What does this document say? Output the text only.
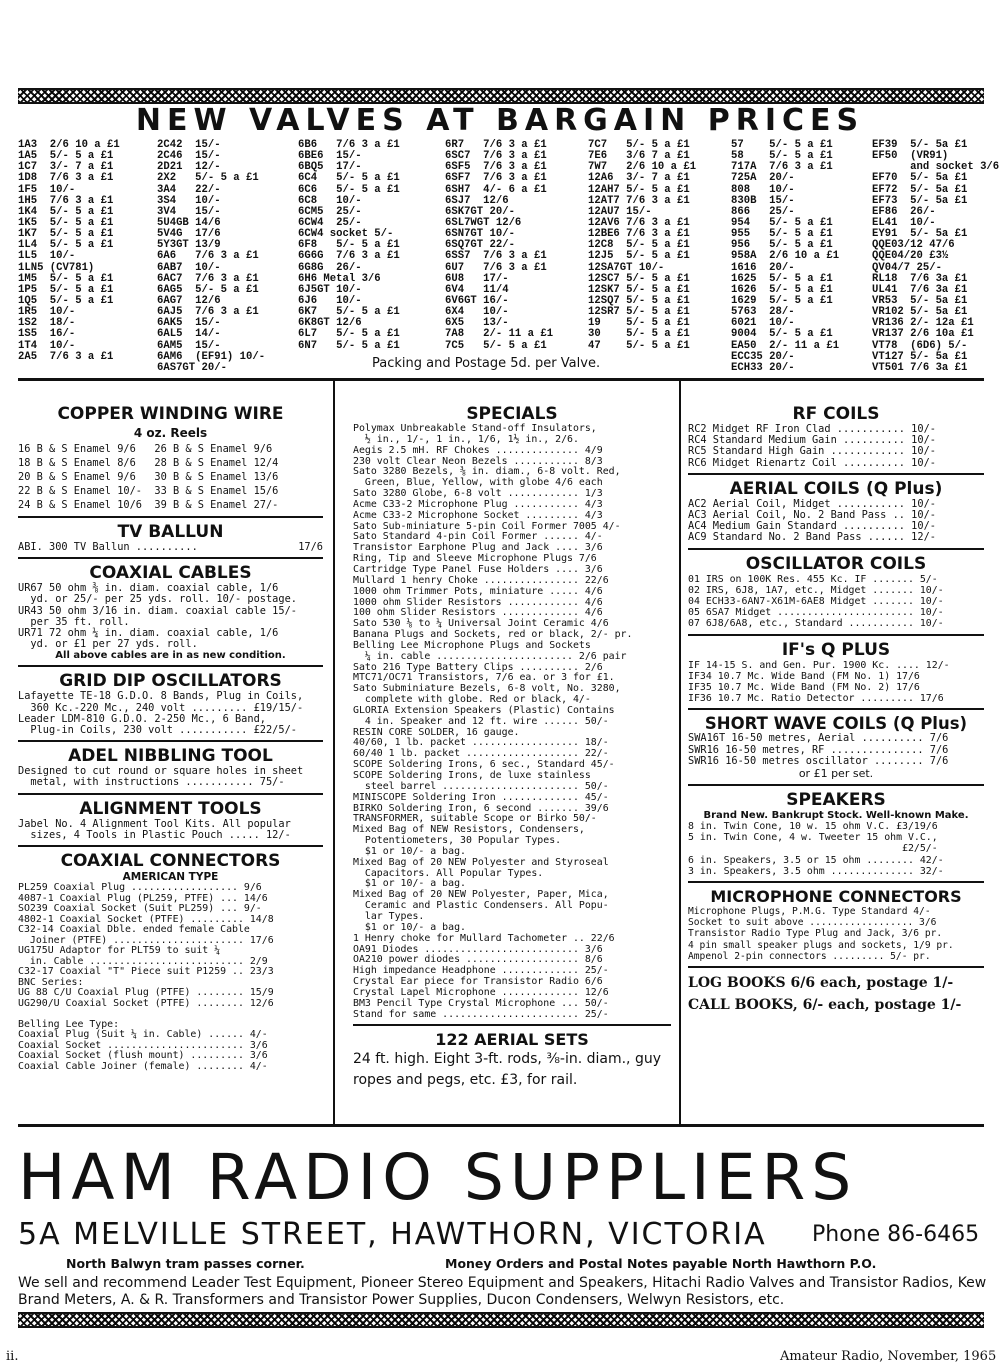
NEW VALVES AT BARGAIN PRICES
1A3  2/6 10 a £1
1A5  5/- 5 a £1
1C7  3/- 7 a £1
1D8  7/6 3 a £1
1F5  10/-
1H5  7/6 3 a £1
1K4  5/- 5 a £1
1K5  5/- 5 a £1
1K7  5/- 5 a £1
1L4  5/- 5 a £1
1L5  10/-
1LN5 (CV781)
1M5  5/- 5 a £1
1P5  5/- 5 a £1
1Q5  5/- 5 a £1
1R5  10/-
1S2  18/-
1S5  16/-
1T4  10/-
2A5  7/6 3 a £1
2C42  15/-
2C46  15/-
2D21  12/-
2X2   5/- 5 a £1
3A4   22/-
3S4   10/-
3V4   15/-
5U4GB 14/6
5V4G  17/6
5Y3GT 13/9
6A6   7/6 3 a £1
6AB7  10/-
6AC7  7/6 3 a £1
6AG5  5/- 5 a £1
6AG7  12/6
6AJ5  7/6 3 a £1
6AK5  15/-
6AL5  14/-
6AM5  15/-
6AM6  (EF91) 10/-
6AS7GT 20/-
6B6   7/6 3 a £1
6BE6  15/-
6BQ5  17/-
6C4   5/- 5 a £1
6C6   5/- 5 a £1
6C8   10/-
6CM5  25/-
6CW4  25/-
6CW4 socket 5/-
6F8   5/- 5 a £1
6G6G  7/6 3 a £1
6G8G  26/-
6H6 Metal 3/6
6J5GT 10/-
6J6   10/-
6K7   5/- 5 a £1
6K8GT 12/6
6L7   5/- 5 a £1
6N7   5/- 5 a £1
6R7   7/6 3 a £1
6SC7  7/6 3 a £1
6SF5  7/6 3 a £1
6SF7  7/6 3 a £1
6SH7  4/- 6 a £1
6SJ7  12/6
6SK7GT 20/-
6SL7WGT 12/6
6SN7GT 10/-
6SQ7GT 22/-
6SS7  7/6 3 a £1
6U7   7/6 3 a £1
6U8   17/-
6V4   11/4
6V6GT 16/-
6X4   10/-
6X5   13/-
7A8   2/- 11 a £1
7C5   5/- 5 a £1
7C7   5/- 5 a £1
7E6   3/6 7 a £1
7W7   2/6 10 a £1
12A6  3/- 7 a £1
12AH7 5/- 5 a £1
12AT7 7/6 3 a £1
12AU7 15/-
12AV6 7/6 3 a £1
12BE6 7/6 3 a £1
12C8  5/- 5 a £1
12J5  5/- 5 a £1
12SA7GT 10/-
12SC7 5/- 5 a £1
12SK7 5/- 5 a £1
12SQ7 5/- 5 a £1
12SR7 5/- 5 a £1
19    5/- 5 a £1
30    5/- 5 a £1
47    5/- 5 a £1
57    5/- 5 a £1
58    5/- 5 a £1
717A  7/6 3 a £1
725A  20/-
808   10/-
830B  15/-
866   25/-
954   5/- 5 a £1
955   5/- 5 a £1
956   5/- 5 a £1
958A  2/6 10 a £1
1616  20/-
1625  5/- 5 a £1
1626  5/- 5 a £1
1629  5/- 5 a £1
5763  28/-
6021  10/-
9004  5/- 5 a £1
EA50  2/- 11 a £1
ECC35 20/-
ECH33 20/-
EF39  5/- 5a £1
EF50  (VR91)
and socket 3/6
EF70  5/- 5a £1
EF72  5/- 5a £1
EF73  5/- 5a £1
EF86  26/-
EL41  10/-
EY91  5/- 5a £1
QQE03/12 47/6
QQE04/20 £3½
QV04/7 25/-
RL18  7/6 3a £1
UL41  7/6 3a £1
VR53  5/- 5a £1
VR102 5/- 5a £1
VR136 2/- 12a £1
VR137 2/6 10a £1
VT78  (6D6) 5/-
VT127 5/- 5a £1
VT501 7/6 3a £1
Packing and Postage 5d. per Valve.
COPPER WINDING WIRE
4 oz. Reels
16 B & S Enamel 9/6   26 B & S Enamel 9/6
18 B & S Enamel 8/6   28 B & S Enamel 12/4
20 B & S Enamel 9/6   30 B & S Enamel 13/6
22 B & S Enamel 10/-  33 B & S Enamel 15/6
24 B & S Enamel 10/6  39 B & S Enamel 27/-
TV BALLUN
ABI. 300 TV Ballun ..........	17/6
COAXIAL CABLES
UR67 50 ohm ⅜ in. diam. coaxial cable, 1/6
yd. or 25/- per 25 yds. roll. 10/- postage.
UR43 50 ohm 3/16 in. diam. coaxial cable 15/-
per 35 ft. roll.
UR71 72 ohm ¼ in. diam. coaxial cable, 1/6
yd. or £1 per 27 yds. roll.
All above cables are in as new condition.
GRID DIP OSCILLATORS
Lafayette TE-18 G.D.O. 8 Bands, Plug in Coils,
360 Kc.-220 Mc., 240 volt ......... £19/15/-
Leader LDM-810 G.D.O. 2-250 Mc., 6 Band,
Plug-in Coils, 230 volt ........... £22/5/-
ADEL NIBBLING TOOL
Designed to cut round or square holes in sheet
metal, with instructions ........... 75/-
ALIGNMENT TOOLS
Jabel No. 4 Alignment Tool Kits. All popular
sizes, 4 Tools in Plastic Pouch ..... 12/-
COAXIAL CONNECTORS
AMERICAN TYPE
PL259 Coaxial Plug .................. 9/6
4087-1 Coaxial Plug (PL259, PTFE) ... 14/6
SO239 Coaxial Socket (Suit PL259) ... 9/-
4802-1 Coaxial Socket (PTFE) ......... 14/8
C32-14 Coaxial Dble. ended female Cable
Joiner (PTFE) ...................... 17/6
UG175U Adaptor for PLT59 to suit ¼
in. Cable .......................... 2/9
C32-17 Coaxial "T" Piece suit P1259 .. 23/3
BNC Series:
UG 88 C/U Coaxial Plug (PTFE) ........ 15/9
UG290/U Coaxial Socket (PTFE) ........ 12/6

Belling Lee Type:
Coaxial Plug (Suit ¼ in. Cable) ...... 4/-
Coaxial Socket ....................... 3/6
Coaxial Socket (flush mount) ......... 3/6
Coaxial Cable Joiner (female) ........ 4/-
SPECIALS
Polymax Unbreakable Stand-off Insulators,
½ in., 1/-, 1 in., 1/6, 1½ in., 2/6.
Aegis 2.5 mH. RF Chokes .............. 4/9
230 volt Clear Neon Bezels ........... 8/3
Sato 3280 Bezels, ⅜ in. diam., 6-8 volt. Red,
Green, Blue, Yellow, with globe 4/6 each
Sato 3280 Globe, 6-8 volt ............ 1/3
Acme C33-2 Microphone Plug ........... 4/3
Acme C33-2 Microphone Socket ......... 4/3
Sato Sub-miniature 5-pin Coil Former 7005 4/-
Sato Standard 4-pin Coil Former ...... 4/-
Transistor Earphone Plug and Jack .... 3/6
Ring, Tip and Sleeve Microphone Plugs 7/6
Cartridge Type Panel Fuse Holders .... 3/6
Mullard 1 henry Choke ................ 22/6
1000 ohm Trimmer Pots, miniature ..... 4/6
1000 ohm Slider Resistors ............ 4/6
100 ohm Slider Resistors ............. 4/6
Sato 530 ⅛ to ¼ Universal Joint Ceramic 4/6
Banana Plugs and Sockets, red or black, 2/- pr.
Belling Lee Microphone Plugs and Sockets
¼ in. cable ....................... 2/6 pair
Sato 216 Type Battery Clips .......... 2/6
MTC71/OC71 Transistors, 7/6 ea. or 3 for £1.
Sato Subminiature Bezels, 6-8 volt, No. 3280,
complete with globe. Red or black, 4/-
GLORIA Extension Speakers (Plastic) Contains
4 in. Speaker and 12 ft. wire ...... 50/-
RESIN CORE SOLDER, 16 gauge.
40/60, 1 lb. packet .................. 18/-
60/40 1 lb. packet ................... 22/-
SCOPE Soldering Irons, 6 sec., Standard 45/-
SCOPE Soldering Irons, de luxe stainless
steel barrel ....................... 50/-
MINISCOPE Soldering Iron ............. 45/-
BIRKO Soldering Iron, 6 second ....... 39/6
TRANSFORMER, suitable Scope or Birko 50/-
Mixed Bag of NEW Resistors, Condensers,
Potentiometers, 30 Popular Types.
$1 or 10/- a bag.
Mixed Bag of 20 NEW Polyester and Styroseal
Capacitors. All Popular Types.
$1 or 10/- a bag.
Mixed Bag of 20 NEW Polyester, Paper, Mica,
Ceramic and Plastic Condensers. All Popu-
lar Types.
$1 or 10/- a bag.
1 Henry choke for Mullard Tachometer .. 22/6
OA91 Diodes .......................... 3/6
OA210 power diodes ................... 8/6
High impedance Headphone ............. 25/-
Crystal Ear piece for Transistor Radio 6/6
Crystal Lapel Microphone ............. 12/6
BM3 Pencil Type Crystal Microphone ... 50/-
Stand for same ....................... 25/-
122 AERIAL SETS
24 ft. high. Eight 3-ft. rods, ⅜-in. diam., guy ropes and pegs, etc. £3, for rail.
RF COILS
RC2 Midget RF Iron Clad ........... 10/-
RC4 Standard Medium Gain .......... 10/-
RC5 Standard High Gain ............ 10/-
RC6 Midget Rienartz Coil .......... 10/-
AERIAL COILS (Q Plus)
AC2 Aerial Coil, Midget ........... 10/-
AC3 Aerial Coil, No. 2 Band Pass .. 10/-
AC4 Medium Gain Standard .......... 10/-
AC9 Standard No. 2 Band Pass ...... 12/-
OSCILLATOR COILS
01 IRS on 100K Res. 455 Kc. IF ....... 5/-
02 IRS, 6J8, 1A7, etc., Midget ....... 10/-
04 ECH33-6AN7-X61M-6AE8 Midget ....... 10/-
05 6SA7 Midget ....................... 10/-
07 6J8/6A8, etc., Standard ........... 10/-
IF's Q PLUS
IF 14-15 S. and Gen. Pur. 1900 Kc. .... 12/-
IF34 10.7 Mc. Wide Band (FM No. 1) 17/6
IF35 10.7 Mc. Wide Band (FM No. 2) 17/6
IF36 10.7 Mc. Ratio Detector ......... 17/6
SHORT WAVE COILS (Q Plus)
SWA16T 16-50 metres, Aerial .......... 7/6
SWR16 16-50 metres, RF ............... 7/6
SWR16 16-50 metres oscillator ........ 7/6
or £1 per set.
SPEAKERS
Brand New. Bankrupt Stock. Well-known Make.
8 in. Twin Cone, 10 w. 15 ohm V.C. £3/19/6
5 in. Twin Cone, 4 w. Tweeter 15 ohm V.C.,
£2/5/-
6 in. Speakers, 3.5 or 15 ohm ........ 42/-
3 in. Speakers, 3.5 ohm .............. 32/-
MICROPHONE CONNECTORS
Microphone Plugs, P.M.G. Type Standard 4/-
Socket to suit above .................. 3/6
Transistor Radio Type Plug and Jack, 3/6 pr.
4 pin small speaker plugs and sockets, 1/9 pr.
Ampenol 2-pin connectors ......... 5/- pr.
LOG BOOKS 6/6 each, postage 1/-
CALL BOOKS, 6/- each, postage 1/-
HAM RADIO SUPPLIERS
5A MELVILLE STREET, HAWTHORN, VICTORIA Phone 86-6465
North Balwyn tram passes corner.	Money Orders and Postal Notes payable North Hawthorn P.O.
We sell and recommend Leader Test Equipment, Pioneer Stereo Equipment and Speakers, Hitachi Radio Valves and Transistor Radios, Kew Brand Meters, A. & R. Transformers and Transistor Power Supplies, Ducon Condensers, Welwyn Resistors, etc.
ii.	Amateur Radio, November, 1965
